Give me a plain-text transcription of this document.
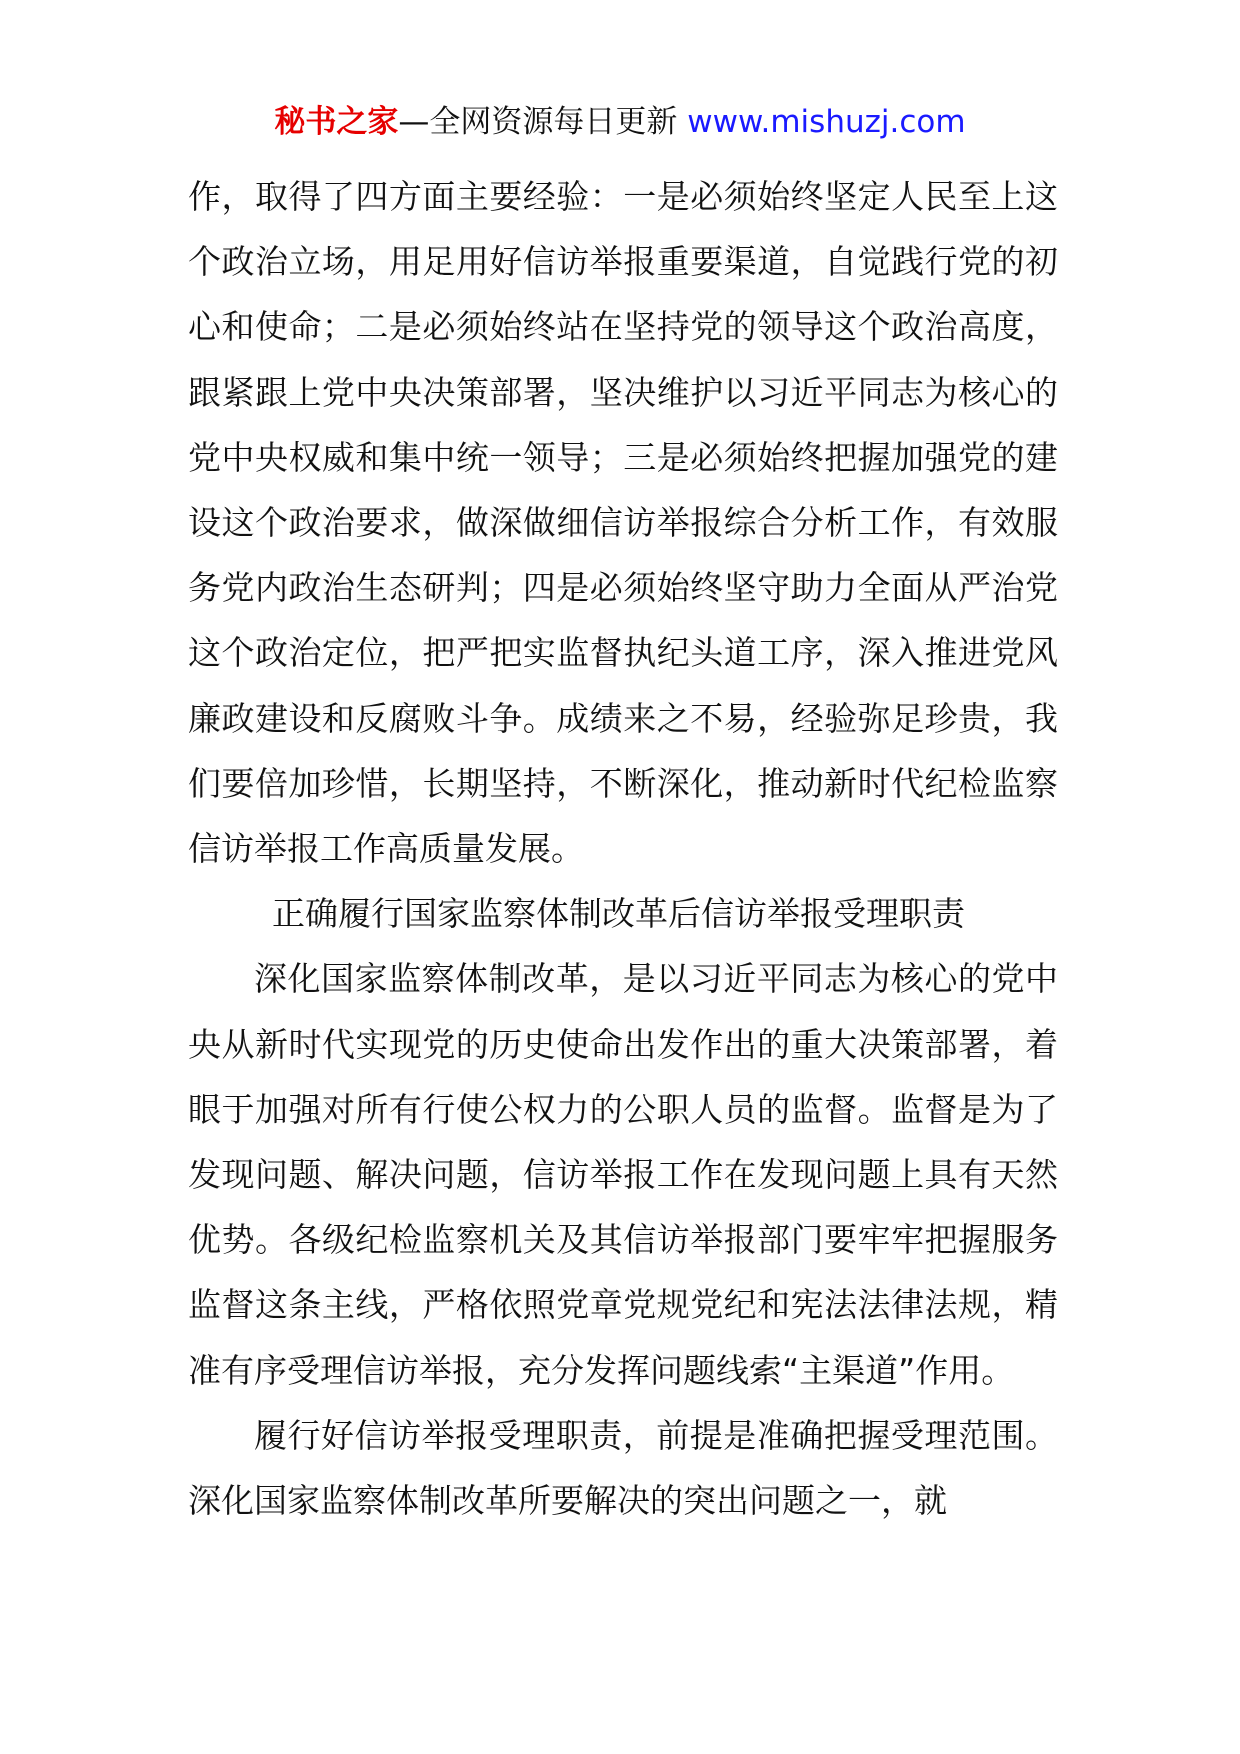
秘书之家—全网资源每日更新 www.mishuzj.com

作，取得了四方面主要经验：一是必须始终坚定人民至上这个政治立场，用足用好信访举报重要渠道，自觉践行党的初心和使命；二是必须始终站在坚持党的领导这个政治高度，跟紧跟上党中央决策部署，坚决维护以习近平同志为核心的党中央权威和集中统一领导；三是必须始终把握加强党的建设这个政治要求，做深做细信访举报综合分析工作，有效服务党内政治生态研判；四是必须始终坚守助力全面从严治党这个政治定位，把严把实监督执纪头道工序，深入推进党风廉政建设和反腐败斗争。成绩来之不易，经验弥足珍贵，我们要倍加珍惜，长期坚持，不断深化，推动新时代纪检监察信访举报工作高质量发展。

正确履行国家监察体制改革后信访举报受理职责

深化国家监察体制改革，是以习近平同志为核心的党中央从新时代实现党的历史使命出发作出的重大决策部署，着眼于加强对所有行使公权力的公职人员的监督。监督是为了发现问题、解决问题，信访举报工作在发现问题上具有天然优势。各级纪检监察机关及其信访举报部门要牢牢把握服务监督这条主线，严格依照党章党规党纪和宪法法律法规，精准有序受理信访举报，充分发挥问题线索“主渠道”作用。

履行好信访举报受理职责，前提是准确把握受理范围。深化国家监察体制改革所要解决的突出问题之一，就
